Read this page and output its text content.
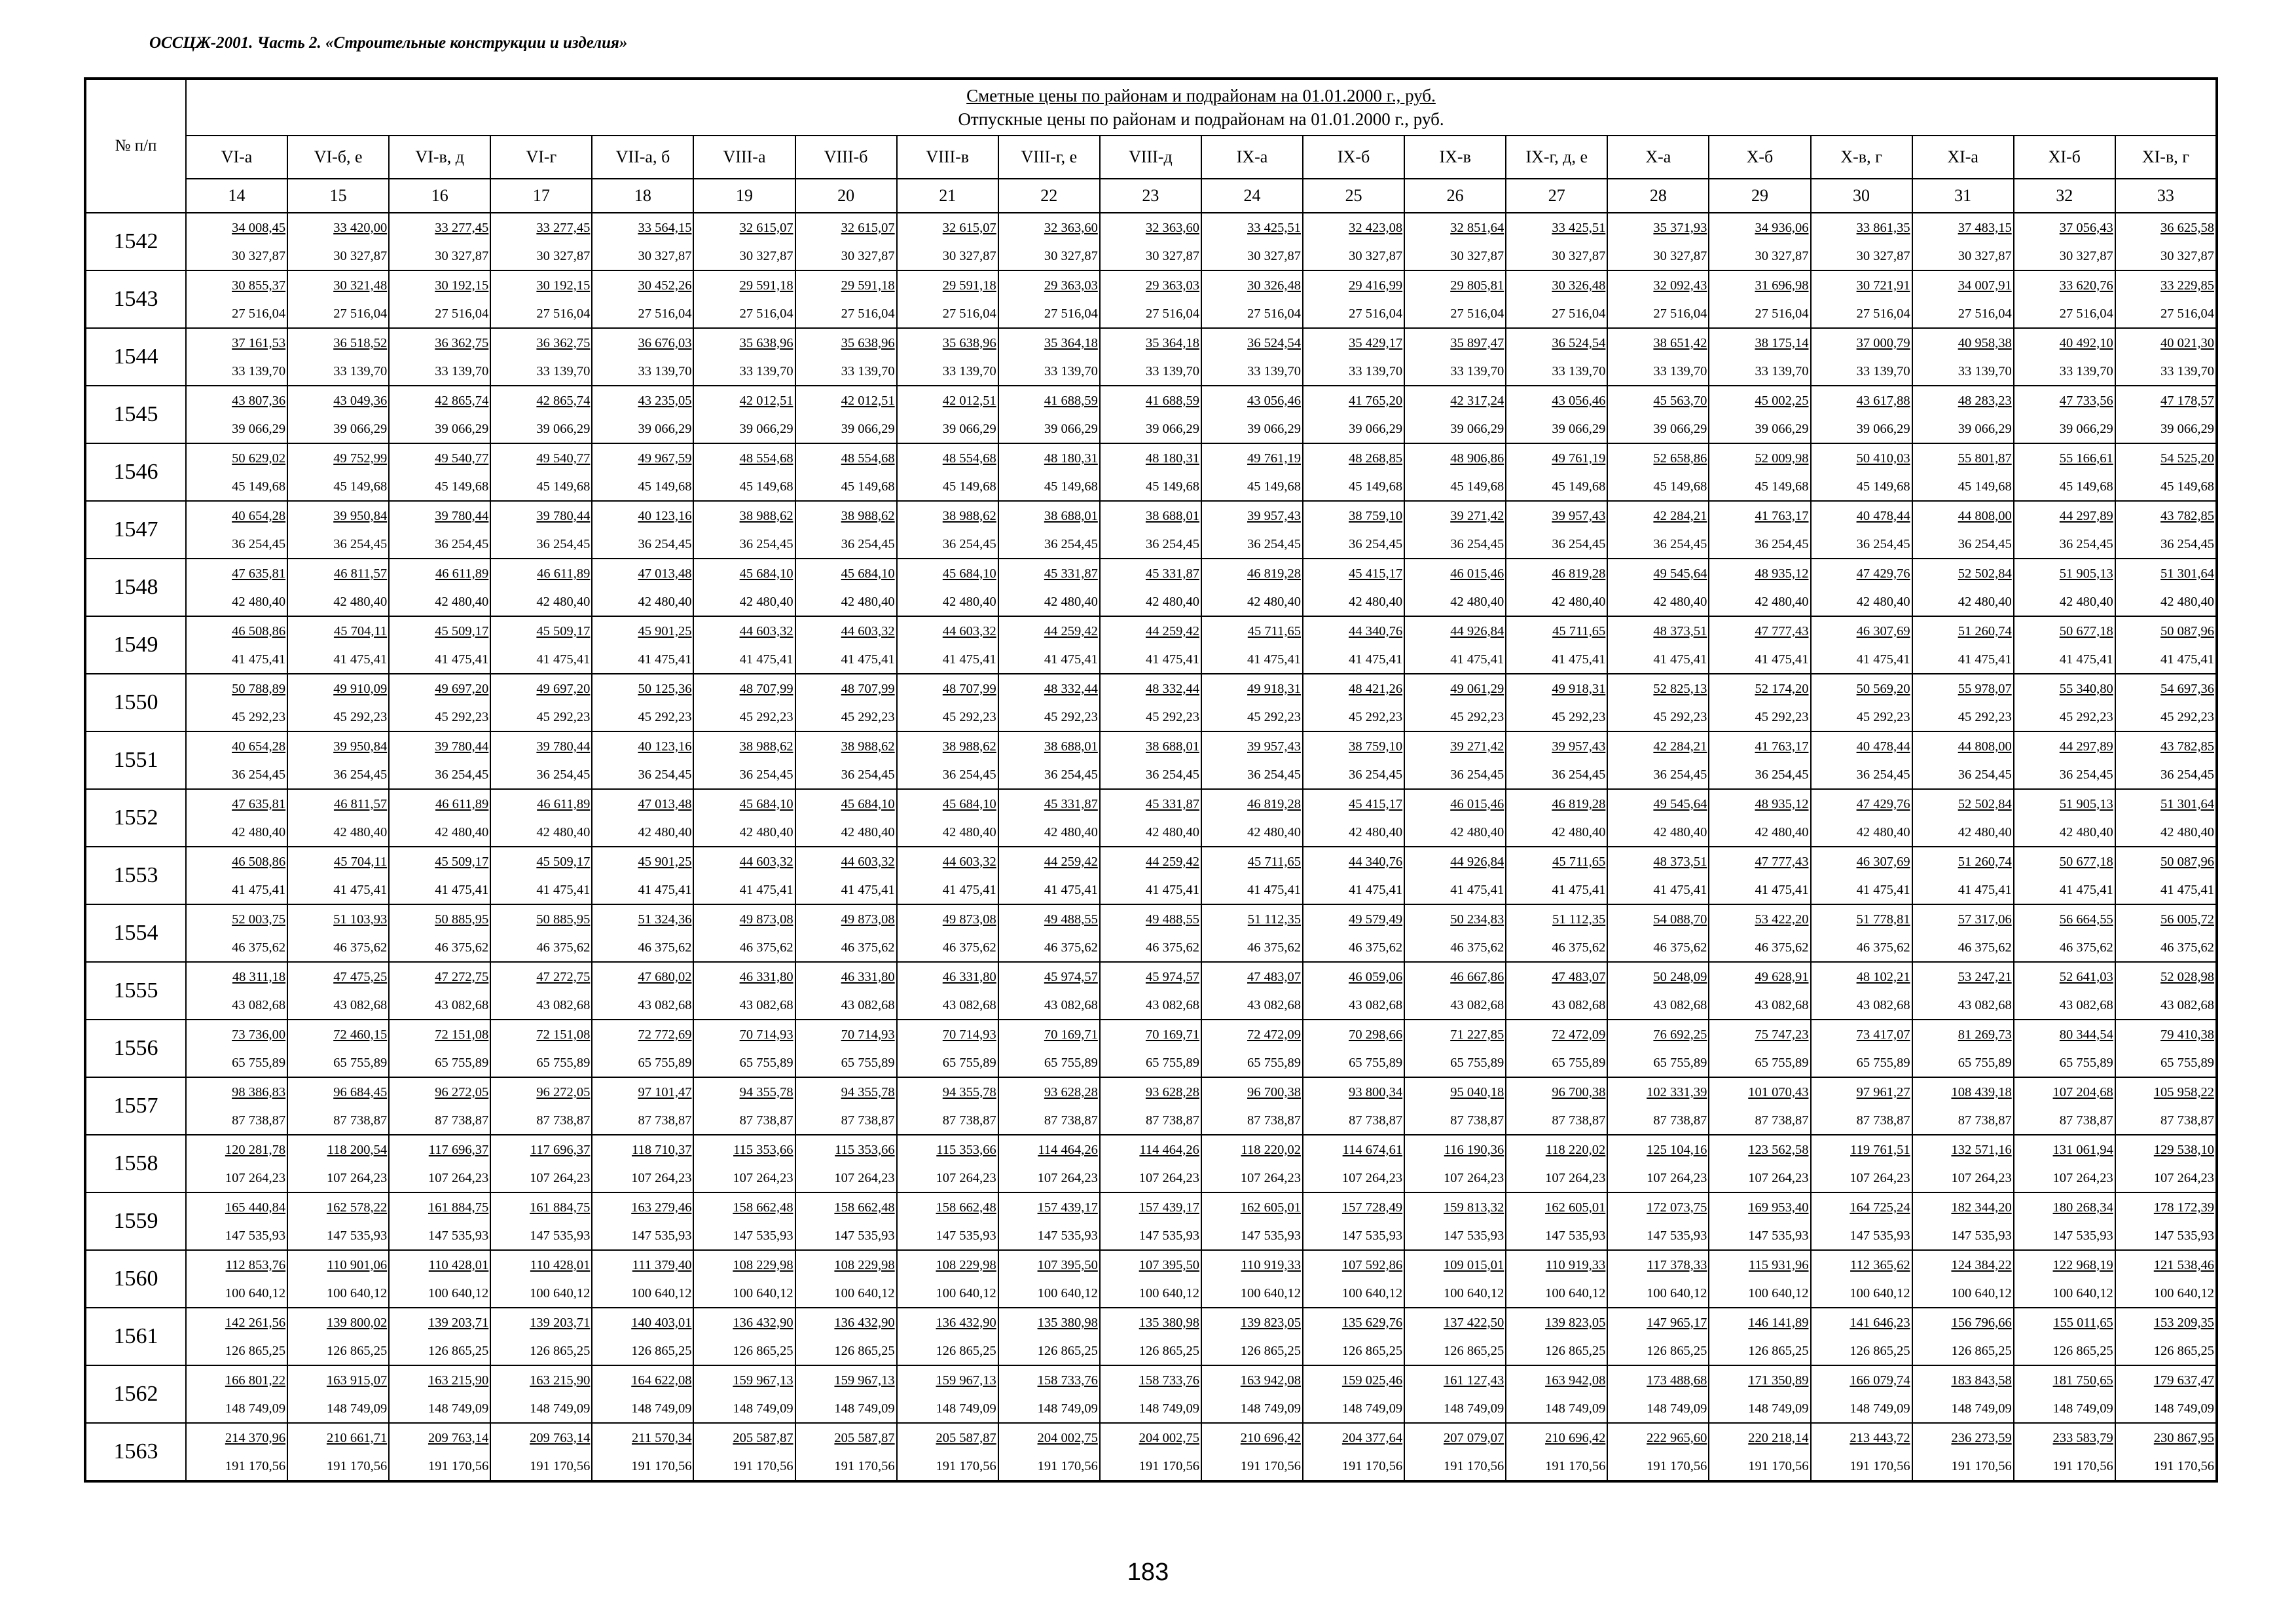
ОССЦЖ-2001. Часть 2. «Строительные конструкции и изделия»
№ п/п	Сметные цены по районам и подрайонам на 01.01.2000 г., руб.
Отпускные цены по районам и подрайонам на 01.01.2000 г., руб.																			

	VI-а	VI-б, е	VI-в, д	VI-г	VII-а, б	VIII-а	VIII-б	VIII-в	VIII-г, е	VIII-д	IX-а	IX-б	IX-в	IX-г, д, е	X-а	X-б	X-в, г	XI-а	XI-б	XI-в, г
	14	15	16	17	18	19	20	21	22	23	24	25	26	27	28	29	30	31	32	33
1542	34 008,45	33 420,00	33 277,45	33 277,45	33 564,15	32 615,07	32 615,07	32 615,07	32 363,60	32 363,60	33 425,51	32 423,08	32 851,64	33 425,51	35 371,93	34 936,06	33 861,35	37 483,15	37 056,43	36 625,58
	30 327,87	30 327,87	30 327,87	30 327,87	30 327,87	30 327,87	30 327,87	30 327,87	30 327,87	30 327,87	30 327,87	30 327,87	30 327,87	30 327,87	30 327,87	30 327,87	30 327,87	30 327,87	30 327,87	30 327,87
1543	30 855,37	30 321,48	30 192,15	30 192,15	30 452,26	29 591,18	29 591,18	29 591,18	29 363,03	29 363,03	30 326,48	29 416,99	29 805,81	30 326,48	32 092,43	31 696,98	30 721,91	34 007,91	33 620,76	33 229,85
	27 516,04	27 516,04	27 516,04	27 516,04	27 516,04	27 516,04	27 516,04	27 516,04	27 516,04	27 516,04	27 516,04	27 516,04	27 516,04	27 516,04	27 516,04	27 516,04	27 516,04	27 516,04	27 516,04	27 516,04
1544	37 161,53	36 518,52	36 362,75	36 362,75	36 676,03	35 638,96	35 638,96	35 638,96	35 364,18	35 364,18	36 524,54	35 429,17	35 897,47	36 524,54	38 651,42	38 175,14	37 000,79	40 958,38	40 492,10	40 021,30
	33 139,70	33 139,70	33 139,70	33 139,70	33 139,70	33 139,70	33 139,70	33 139,70	33 139,70	33 139,70	33 139,70	33 139,70	33 139,70	33 139,70	33 139,70	33 139,70	33 139,70	33 139,70	33 139,70	33 139,70
1545	43 807,36	43 049,36	42 865,74	42 865,74	43 235,05	42 012,51	42 012,51	42 012,51	41 688,59	41 688,59	43 056,46	41 765,20	42 317,24	43 056,46	45 563,70	45 002,25	43 617,88	48 283,23	47 733,56	47 178,57
	39 066,29	39 066,29	39 066,29	39 066,29	39 066,29	39 066,29	39 066,29	39 066,29	39 066,29	39 066,29	39 066,29	39 066,29	39 066,29	39 066,29	39 066,29	39 066,29	39 066,29	39 066,29	39 066,29	39 066,29
1546	50 629,02	49 752,99	49 540,77	49 540,77	49 967,59	48 554,68	48 554,68	48 554,68	48 180,31	48 180,31	49 761,19	48 268,85	48 906,86	49 761,19	52 658,86	52 009,98	50 410,03	55 801,87	55 166,61	54 525,20
	45 149,68	45 149,68	45 149,68	45 149,68	45 149,68	45 149,68	45 149,68	45 149,68	45 149,68	45 149,68	45 149,68	45 149,68	45 149,68	45 149,68	45 149,68	45 149,68	45 149,68	45 149,68	45 149,68	45 149,68
1547	40 654,28	39 950,84	39 780,44	39 780,44	40 123,16	38 988,62	38 988,62	38 988,62	38 688,01	38 688,01	39 957,43	38 759,10	39 271,42	39 957,43	42 284,21	41 763,17	40 478,44	44 808,00	44 297,89	43 782,85
	36 254,45	36 254,45	36 254,45	36 254,45	36 254,45	36 254,45	36 254,45	36 254,45	36 254,45	36 254,45	36 254,45	36 254,45	36 254,45	36 254,45	36 254,45	36 254,45	36 254,45	36 254,45	36 254,45	36 254,45
1548	47 635,81	46 811,57	46 611,89	46 611,89	47 013,48	45 684,10	45 684,10	45 684,10	45 331,87	45 331,87	46 819,28	45 415,17	46 015,46	46 819,28	49 545,64	48 935,12	47 429,76	52 502,84	51 905,13	51 301,64
	42 480,40	42 480,40	42 480,40	42 480,40	42 480,40	42 480,40	42 480,40	42 480,40	42 480,40	42 480,40	42 480,40	42 480,40	42 480,40	42 480,40	42 480,40	42 480,40	42 480,40	42 480,40	42 480,40	42 480,40
1549	46 508,86	45 704,11	45 509,17	45 509,17	45 901,25	44 603,32	44 603,32	44 603,32	44 259,42	44 259,42	45 711,65	44 340,76	44 926,84	45 711,65	48 373,51	47 777,43	46 307,69	51 260,74	50 677,18	50 087,96
	41 475,41	41 475,41	41 475,41	41 475,41	41 475,41	41 475,41	41 475,41	41 475,41	41 475,41	41 475,41	41 475,41	41 475,41	41 475,41	41 475,41	41 475,41	41 475,41	41 475,41	41 475,41	41 475,41	41 475,41
1550	50 788,89	49 910,09	49 697,20	49 697,20	50 125,36	48 707,99	48 707,99	48 707,99	48 332,44	48 332,44	49 918,31	48 421,26	49 061,29	49 918,31	52 825,13	52 174,20	50 569,20	55 978,07	55 340,80	54 697,36
	45 292,23	45 292,23	45 292,23	45 292,23	45 292,23	45 292,23	45 292,23	45 292,23	45 292,23	45 292,23	45 292,23	45 292,23	45 292,23	45 292,23	45 292,23	45 292,23	45 292,23	45 292,23	45 292,23	45 292,23
1551	40 654,28	39 950,84	39 780,44	39 780,44	40 123,16	38 988,62	38 988,62	38 988,62	38 688,01	38 688,01	39 957,43	38 759,10	39 271,42	39 957,43	42 284,21	41 763,17	40 478,44	44 808,00	44 297,89	43 782,85
	36 254,45	36 254,45	36 254,45	36 254,45	36 254,45	36 254,45	36 254,45	36 254,45	36 254,45	36 254,45	36 254,45	36 254,45	36 254,45	36 254,45	36 254,45	36 254,45	36 254,45	36 254,45	36 254,45	36 254,45
1552	47 635,81	46 811,57	46 611,89	46 611,89	47 013,48	45 684,10	45 684,10	45 684,10	45 331,87	45 331,87	46 819,28	45 415,17	46 015,46	46 819,28	49 545,64	48 935,12	47 429,76	52 502,84	51 905,13	51 301,64
	42 480,40	42 480,40	42 480,40	42 480,40	42 480,40	42 480,40	42 480,40	42 480,40	42 480,40	42 480,40	42 480,40	42 480,40	42 480,40	42 480,40	42 480,40	42 480,40	42 480,40	42 480,40	42 480,40	42 480,40
1553	46 508,86	45 704,11	45 509,17	45 509,17	45 901,25	44 603,32	44 603,32	44 603,32	44 259,42	44 259,42	45 711,65	44 340,76	44 926,84	45 711,65	48 373,51	47 777,43	46 307,69	51 260,74	50 677,18	50 087,96
	41 475,41	41 475,41	41 475,41	41 475,41	41 475,41	41 475,41	41 475,41	41 475,41	41 475,41	41 475,41	41 475,41	41 475,41	41 475,41	41 475,41	41 475,41	41 475,41	41 475,41	41 475,41	41 475,41	41 475,41
1554	52 003,75	51 103,93	50 885,95	50 885,95	51 324,36	49 873,08	49 873,08	49 873,08	49 488,55	49 488,55	51 112,35	49 579,49	50 234,83	51 112,35	54 088,70	53 422,20	51 778,81	57 317,06	56 664,55	56 005,72
	46 375,62	46 375,62	46 375,62	46 375,62	46 375,62	46 375,62	46 375,62	46 375,62	46 375,62	46 375,62	46 375,62	46 375,62	46 375,62	46 375,62	46 375,62	46 375,62	46 375,62	46 375,62	46 375,62	46 375,62
1555	48 311,18	47 475,25	47 272,75	47 272,75	47 680,02	46 331,80	46 331,80	46 331,80	45 974,57	45 974,57	47 483,07	46 059,06	46 667,86	47 483,07	50 248,09	49 628,91	48 102,21	53 247,21	52 641,03	52 028,98
	43 082,68	43 082,68	43 082,68	43 082,68	43 082,68	43 082,68	43 082,68	43 082,68	43 082,68	43 082,68	43 082,68	43 082,68	43 082,68	43 082,68	43 082,68	43 082,68	43 082,68	43 082,68	43 082,68	43 082,68
1556	73 736,00	72 460,15	72 151,08	72 151,08	72 772,69	70 714,93	70 714,93	70 714,93	70 169,71	70 169,71	72 472,09	70 298,66	71 227,85	72 472,09	76 692,25	75 747,23	73 417,07	81 269,73	80 344,54	79 410,38
	65 755,89	65 755,89	65 755,89	65 755,89	65 755,89	65 755,89	65 755,89	65 755,89	65 755,89	65 755,89	65 755,89	65 755,89	65 755,89	65 755,89	65 755,89	65 755,89	65 755,89	65 755,89	65 755,89	65 755,89
1557	98 386,83	96 684,45	96 272,05	96 272,05	97 101,47	94 355,78	94 355,78	94 355,78	93 628,28	93 628,28	96 700,38	93 800,34	95 040,18	96 700,38	102 331,39	101 070,43	97 961,27	108 439,18	107 204,68	105 958,22
	87 738,87	87 738,87	87 738,87	87 738,87	87 738,87	87 738,87	87 738,87	87 738,87	87 738,87	87 738,87	87 738,87	87 738,87	87 738,87	87 738,87	87 738,87	87 738,87	87 738,87	87 738,87	87 738,87	87 738,87
1558	120 281,78	118 200,54	117 696,37	117 696,37	118 710,37	115 353,66	115 353,66	115 353,66	114 464,26	114 464,26	118 220,02	114 674,61	116 190,36	118 220,02	125 104,16	123 562,58	119 761,51	132 571,16	131 061,94	129 538,10
	107 264,23	107 264,23	107 264,23	107 264,23	107 264,23	107 264,23	107 264,23	107 264,23	107 264,23	107 264,23	107 264,23	107 264,23	107 264,23	107 264,23	107 264,23	107 264,23	107 264,23	107 264,23	107 264,23	107 264,23
1559	165 440,84	162 578,22	161 884,75	161 884,75	163 279,46	158 662,48	158 662,48	158 662,48	157 439,17	157 439,17	162 605,01	157 728,49	159 813,32	162 605,01	172 073,75	169 953,40	164 725,24	182 344,20	180 268,34	178 172,39
	147 535,93	147 535,93	147 535,93	147 535,93	147 535,93	147 535,93	147 535,93	147 535,93	147 535,93	147 535,93	147 535,93	147 535,93	147 535,93	147 535,93	147 535,93	147 535,93	147 535,93	147 535,93	147 535,93	147 535,93
1560	112 853,76	110 901,06	110 428,01	110 428,01	111 379,40	108 229,98	108 229,98	108 229,98	107 395,50	107 395,50	110 919,33	107 592,86	109 015,01	110 919,33	117 378,33	115 931,96	112 365,62	124 384,22	122 968,19	121 538,46
	100 640,12	100 640,12	100 640,12	100 640,12	100 640,12	100 640,12	100 640,12	100 640,12	100 640,12	100 640,12	100 640,12	100 640,12	100 640,12	100 640,12	100 640,12	100 640,12	100 640,12	100 640,12	100 640,12	100 640,12
1561	142 261,56	139 800,02	139 203,71	139 203,71	140 403,01	136 432,90	136 432,90	136 432,90	135 380,98	135 380,98	139 823,05	135 629,76	137 422,50	139 823,05	147 965,17	146 141,89	141 646,23	156 796,66	155 011,65	153 209,35
	126 865,25	126 865,25	126 865,25	126 865,25	126 865,25	126 865,25	126 865,25	126 865,25	126 865,25	126 865,25	126 865,25	126 865,25	126 865,25	126 865,25	126 865,25	126 865,25	126 865,25	126 865,25	126 865,25	126 865,25
1562	166 801,22	163 915,07	163 215,90	163 215,90	164 622,08	159 967,13	159 967,13	159 967,13	158 733,76	158 733,76	163 942,08	159 025,46	161 127,43	163 942,08	173 488,68	171 350,89	166 079,74	183 843,58	181 750,65	179 637,47
	148 749,09	148 749,09	148 749,09	148 749,09	148 749,09	148 749,09	148 749,09	148 749,09	148 749,09	148 749,09	148 749,09	148 749,09	148 749,09	148 749,09	148 749,09	148 749,09	148 749,09	148 749,09	148 749,09	148 749,09
1563	214 370,96	210 661,71	209 763,14	209 763,14	211 570,34	205 587,87	205 587,87	205 587,87	204 002,75	204 002,75	210 696,42	204 377,64	207 079,07	210 696,42	222 965,60	220 218,14	213 443,72	236 273,59	233 583,79	230 867,95
	191 170,56	191 170,56	191 170,56	191 170,56	191 170,56	191 170,56	191 170,56	191 170,56	191 170,56	191 170,56	191 170,56	191 170,56	191 170,56	191 170,56	191 170,56	191 170,56	191 170,56	191 170,56	191 170,56	191 170,56
183
